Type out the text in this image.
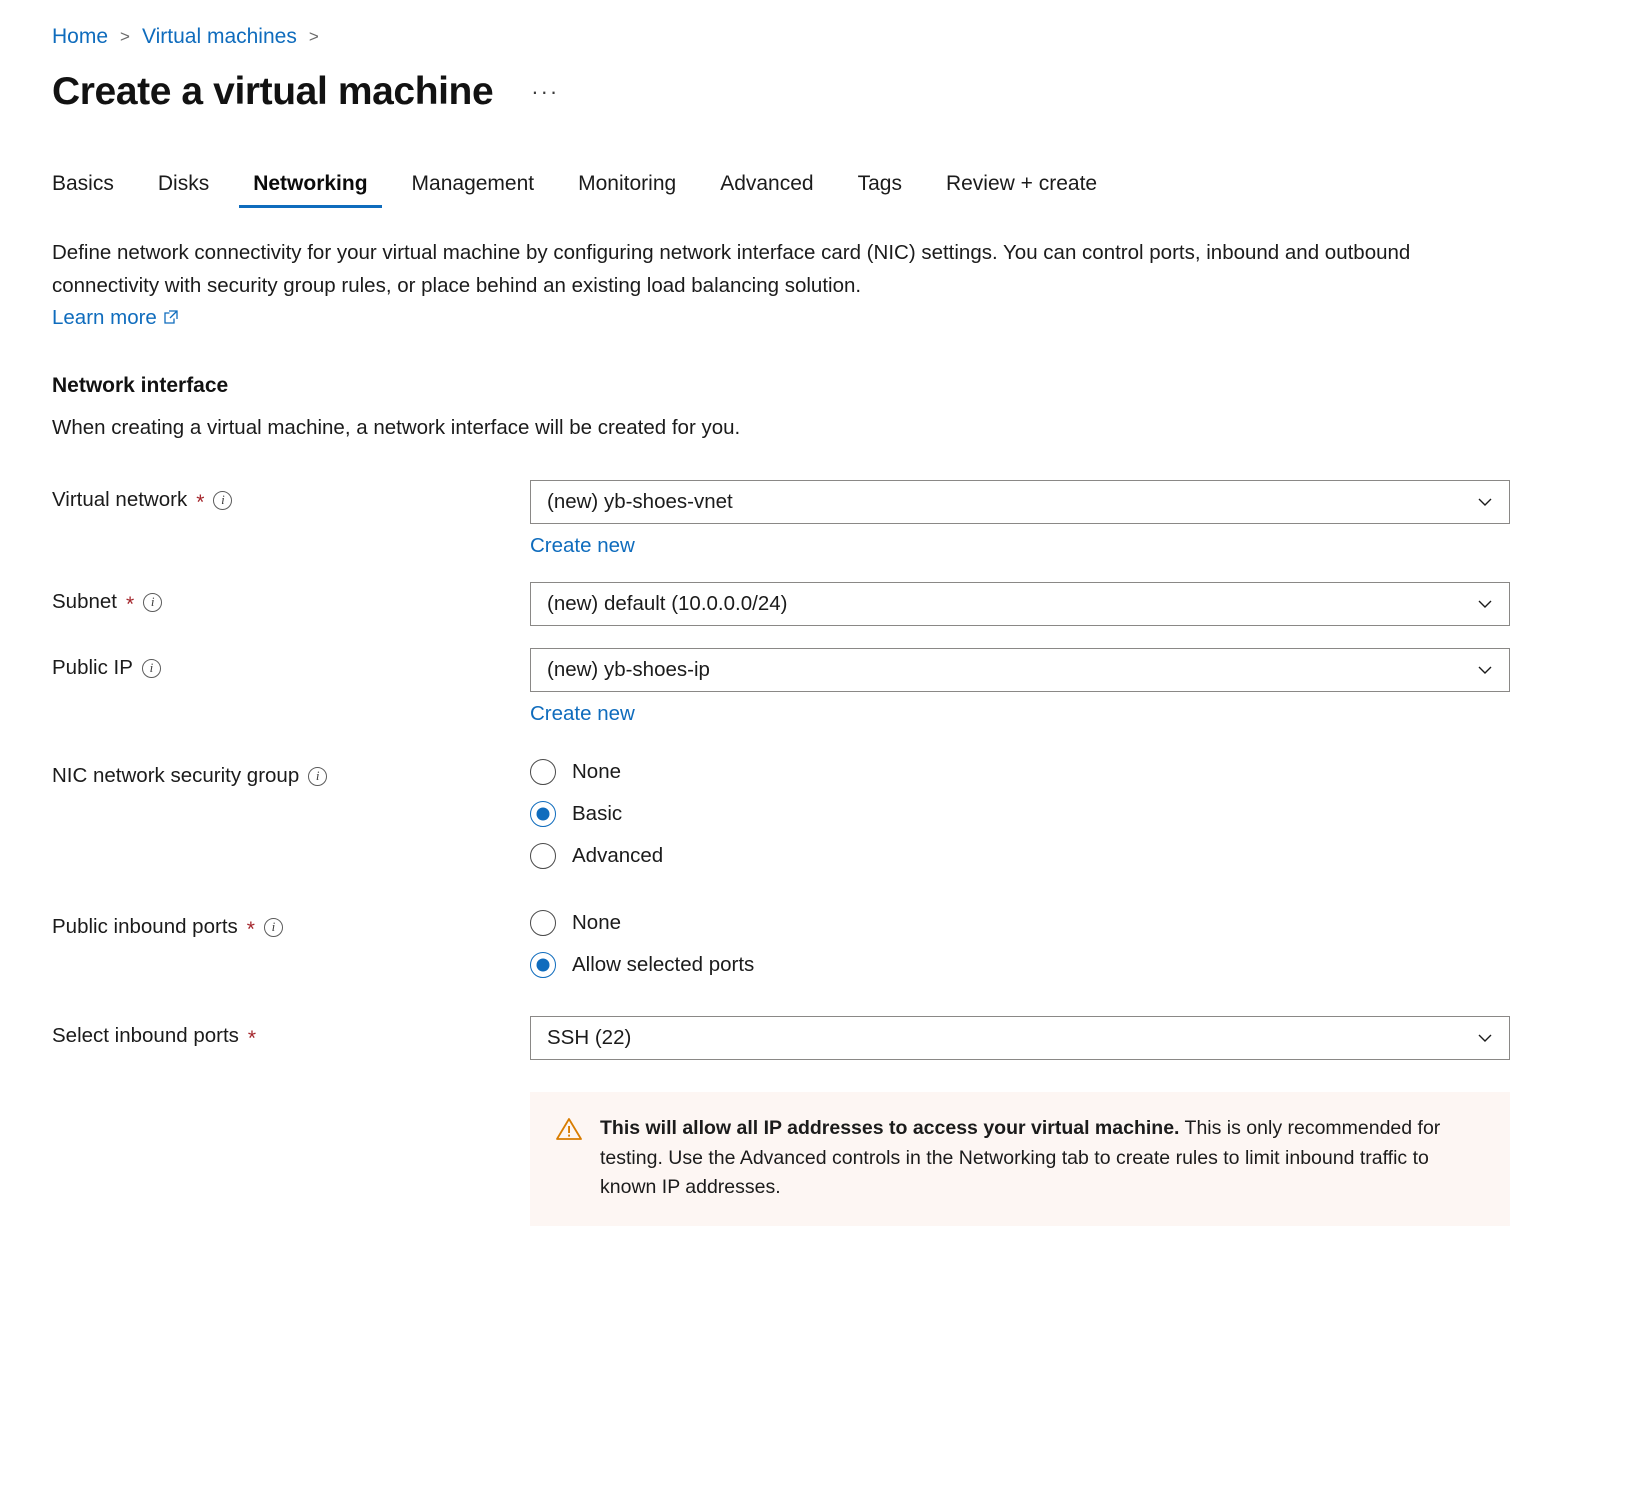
Home > Virtual machines >
Create a virtual machine ···
Basics	Disks	Networking	Management	Monitoring	Advanced	Tags	Review + create
Define network connectivity for your virtual machine by configuring network interface card (NIC) settings. You can control ports, inbound and outbound connectivity with security group rules, or place behind an existing load balancing solution.
Learn more
Network interface
When creating a virtual machine, a network interface will be created for you.
Virtual network *	i	(new) yb-shoes-vnet
Create new
Subnet *	i	(new) default (10.0.0.0/24)
Public IP	i	(new) yb-shoes-ip
Create new
NIC network security group	i	None
Basic
Advanced
Public inbound ports *	i	None
Allow selected ports
Select inbound ports *	SSH (22)
This will allow all IP addresses to access your virtual machine. This is only recommended for testing. Use the Advanced controls in the Networking tab to create rules to limit inbound traffic to known IP addresses.
